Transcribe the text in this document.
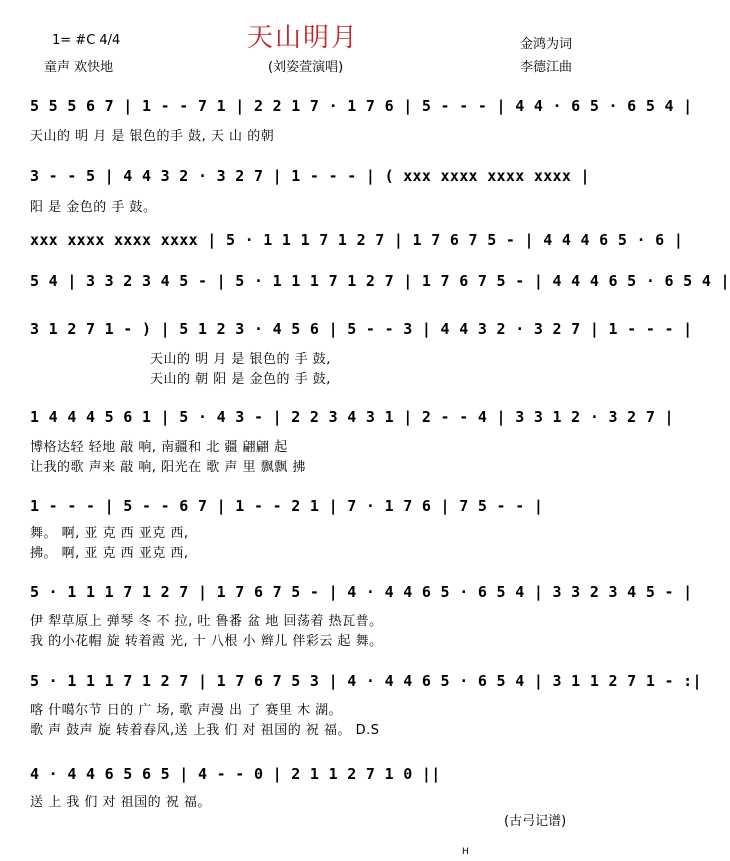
1= #C 4/4
童声 欢快地
天山明月
(刘姿萱演唱)
金鸿为词
李德江曲
5 5 5 6 7 | 1 - - 7 1 | 2 2 1 7 · 1 7 6 | 5 - - - | 4 4 · 6 5 · 6 5 4 |
天山的 明 月 是 银色的手 鼓, 天 山 的朝
3 - - 5 | 4 4 3 2 · 3 2 7 | 1 - - - | ( xxx xxxx xxxx xxxx |
阳 是 金色的 手 鼓。
xxx xxxx xxxx xxxx | 5 · 1 1 1 7 1 2 7 | 1 7 6 7 5 - | 4 4 4 6 5 · 6 |
5 4 | 3 3 2 3 4 5 - | 5 · 1 1 1 7 1 2 7 | 1 7 6 7 5 - | 4 4 4 6 5 · 6 5 4 |
3 1 2 7 1 - ) | 5 1 2 3 · 4 5 6 | 5 - - 3 | 4 4 3 2 · 3 2 7 | 1 - - - |
天山的 明 月 是 银色的 手 鼓,
天山的 朝 阳 是 金色的 手 鼓,
1 4 4 4 5 6 1 | 5 · 4 3 - | 2 2 3 4 3 1 | 2 - - 4 | 3 3 1 2 · 3 2 7 |
博格达轻 轻地 敲 响, 南疆和 北 疆 翩翩 起
让我的歌 声来 敲 响, 阳光在 歌 声 里 飘飘 拂
1 - - - | 5 - - 6 7 | 1 - - 2 1 | 7 · 1 7 6 | 7 5 - - |
舞。 啊, 亚 克 西 亚克 西,
拂。 啊, 亚 克 西 亚克 西,
5 · 1 1 1 7 1 2 7 | 1 7 6 7 5 - | 4 · 4 4 6 5 · 6 5 4 | 3 3 2 3 4 5 - |
伊 犁草原上 弹琴 冬 不 拉, 吐 鲁番 盆 地 回荡着 热瓦普。
我 的小花帽 旋 转着霞 光, 十 八根 小 辫儿 伴彩云 起 舞。
5 · 1 1 1 7 1 2 7 | 1 7 6 7 5 3 | 4 · 4 4 6 5 · 6 5 4 | 3 1 1 2 7 1 - :|
喀 什噶尔节 日的 广 场, 歌 声漫 出 了 赛里 木 湖。
歌 声 鼓声 旋 转着春风,送 上我 们 对 祖国的 祝 福。 D.S
4 · 4 4 6 5 6 5 | 4 - - 0 | 2 1 1 2 7 1 0 ||
送 上 我 们 对 祖国的 祝 福。
(古弓记谱)
H
